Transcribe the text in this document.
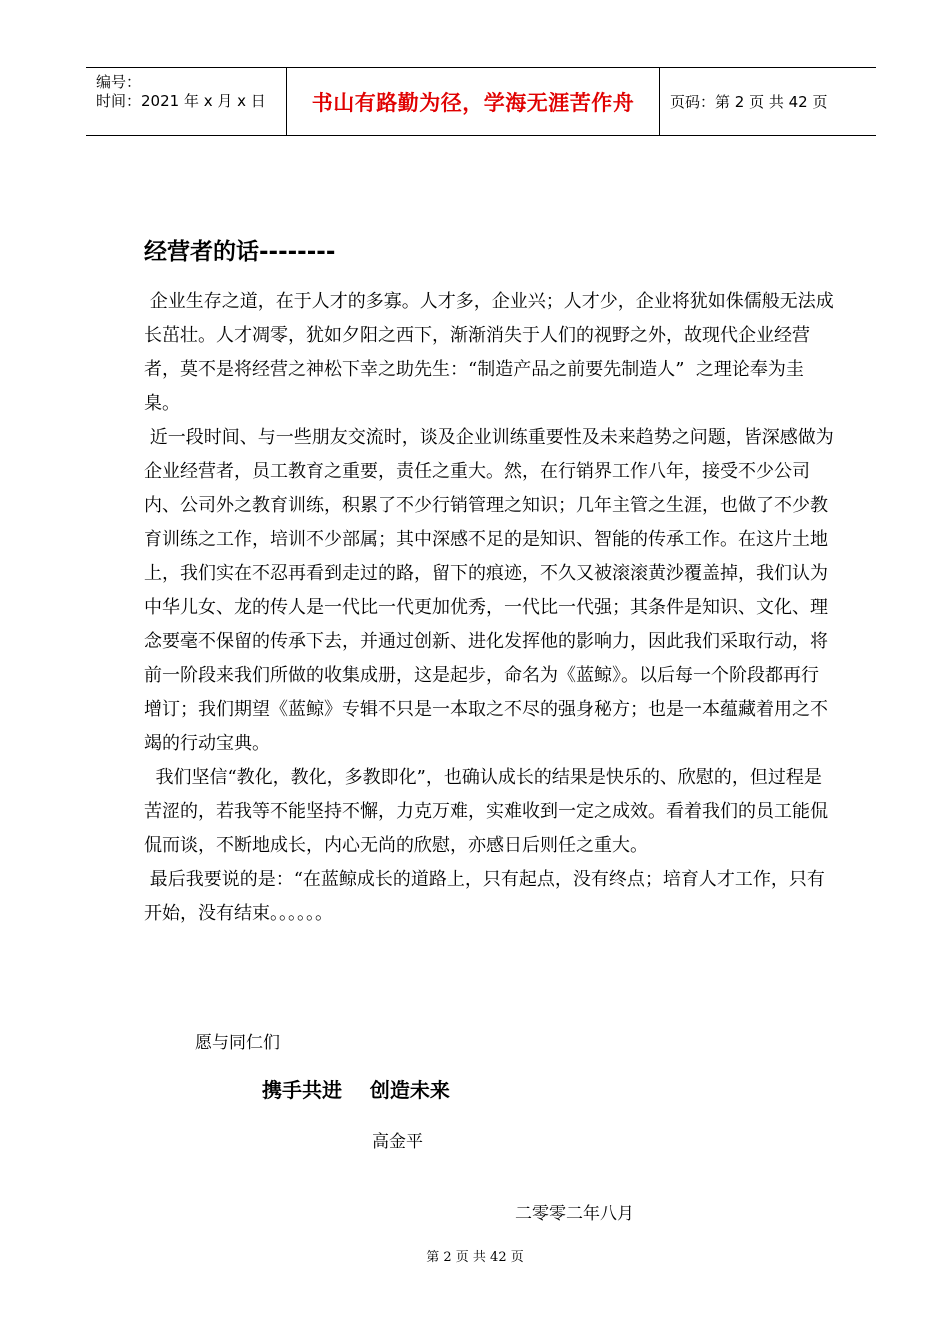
编号：
时间：2021 年 x 月 x 日 书山有路勤为径，学海无涯苦作舟 页码：第 2 页 共 42 页
经营者的话--------

企业生存之道，在于人才的多寡。人才多，企业兴；人才少，企业将犹如侏儒般无法成长茁壮。人才凋零，犹如夕阳之西下，渐渐消失于人们的视野之外，故现代企业经营者，莫不是将经营之神松下幸之助先生：“制造产品之前要先制造人”  之理论奉为圭臬。

近一段时间、与一些朋友交流时，谈及企业训练重要性及未来趋势之问题，皆深感做为企业经营者，员工教育之重要，责任之重大。然，在行销界工作八年，接受不少公司内、公司外之教育训练，积累了不少行销管理之知识；几年主管之生涯，也做了不少教育训练之工作，培训不少部属；其中深感不足的是知识、智能的传承工作。在这片土地上，我们实在不忍再看到走过的路，留下的痕迹，不久又被滚滚黄沙覆盖掉，我们认为中华儿女、龙的传人是一代比一代更加优秀，一代比一代强；其条件是知识、文化、理念要毫不保留的传承下去，并通过创新、进化发挥他的影响力，因此我们采取行动，将前一阶段来我们所做的收集成册，这是起步，命名为《蓝鲸》。以后每一个阶段都再行增订；我们期望《蓝鲸》专辑不只是一本取之不尽的强身秘方；也是一本蕴藏着用之不竭的行动宝典。

我们坚信“教化，教化，多教即化”，也确认成长的结果是快乐的、欣慰的，但过程是苦涩的，若我等不能坚持不懈，力克万难，实难收到一定之成效。看着我们的员工能侃侃而谈，不断地成长，内心无尚的欣慰，亦感日后则任之重大。

最后我要说的是：“在蓝鲸成长的道路上，只有起点，没有终点；培育人才工作，只有开始，没有结束。。。。。。

愿与同仁们
携手共进    创造未来
高金平
二零零二年八月
第 2 页 共 42 页
